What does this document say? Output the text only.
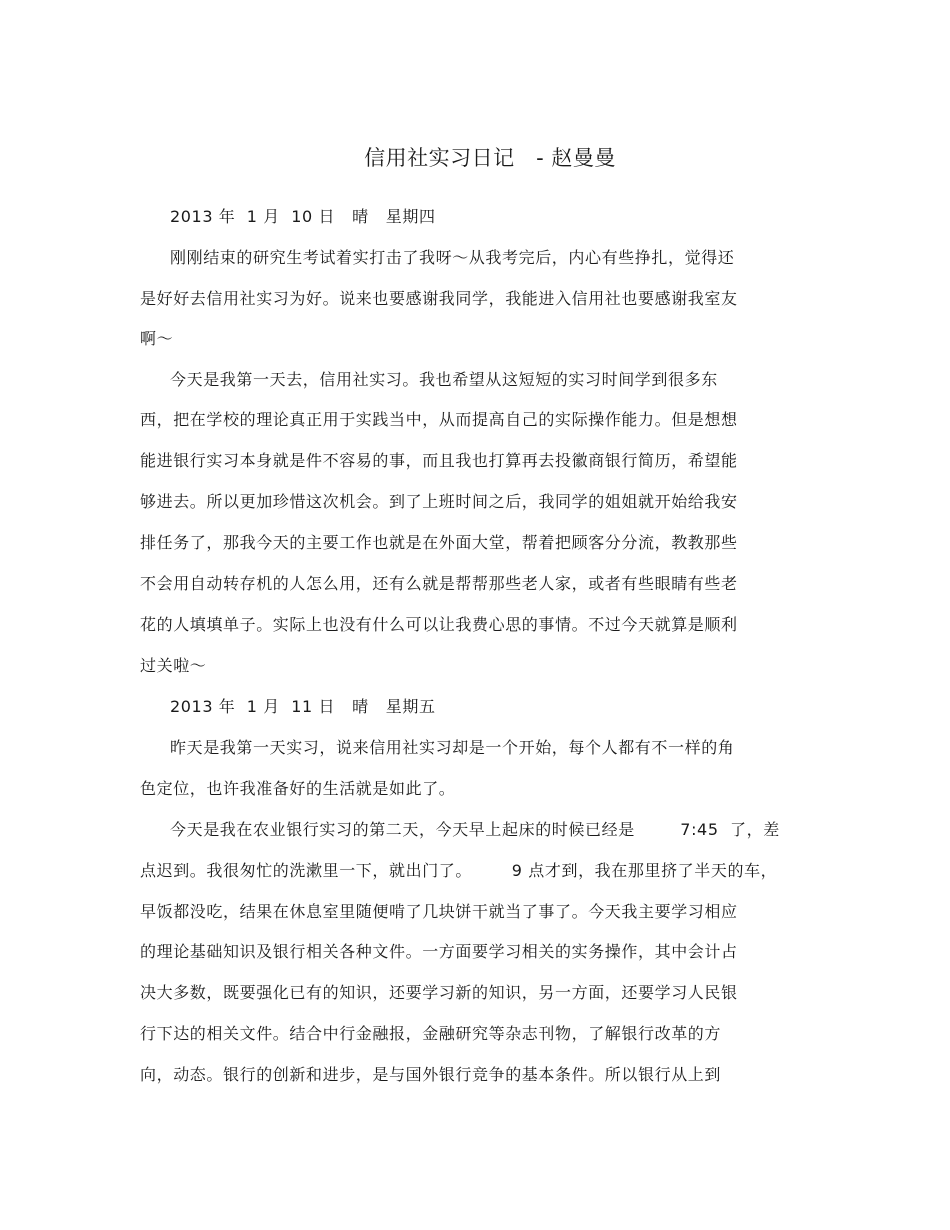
信用社实习日记   - 赵曼曼
2013 年  1 月  10 日   晴   星期四
刚刚结束的研究生考试着实打击了我呀～从我考完后，内心有些挣扎，觉得还
是好好去信用社实习为好。说来也要感谢我同学，我能进入信用社也要感谢我室友
啊～
今天是我第一天去，信用社实习。我也希望从这短短的实习时间学到很多东
西，把在学校的理论真正用于实践当中，从而提高自己的实际操作能力。但是想想
能进银行实习本身就是件不容易的事，而且我也打算再去投徽商银行简历，希望能
够进去。所以更加珍惜这次机会。到了上班时间之后，我同学的姐姐就开始给我安
排任务了，那我今天的主要工作也就是在外面大堂，帮着把顾客分分流，教教那些
不会用自动转存机的人怎么用，还有么就是帮帮那些老人家，或者有些眼睛有些老
花的人填填单子。实际上也没有什么可以让我费心思的事情。不过今天就算是顺利
过关啦～
2013 年  1 月  11 日   晴   星期五
昨天是我第一天实习，说来信用社实习却是一个开始，每个人都有不一样的角
色定位，也许我准备好的生活就是如此了。
今天是我在农业银行实习的第二天，今天早上起床的时候已经是        7:45  了，差
点迟到。我很匆忙的洗漱里一下，就出门了。       9 点才到，我在那里挤了半天的车，
早饭都没吃，结果在休息室里随便啃了几块饼干就当了事了。今天我主要学习相应
的理论基础知识及银行相关各种文件。一方面要学习相关的实务操作，其中会计占
决大多数，既要强化已有的知识，还要学习新的知识，另一方面，还要学习人民银
行下达的相关文件。结合中行金融报，金融研究等杂志刊物，了解银行改革的方
向，动态。银行的创新和进步，是与国外银行竞争的基本条件。所以银行从上到
